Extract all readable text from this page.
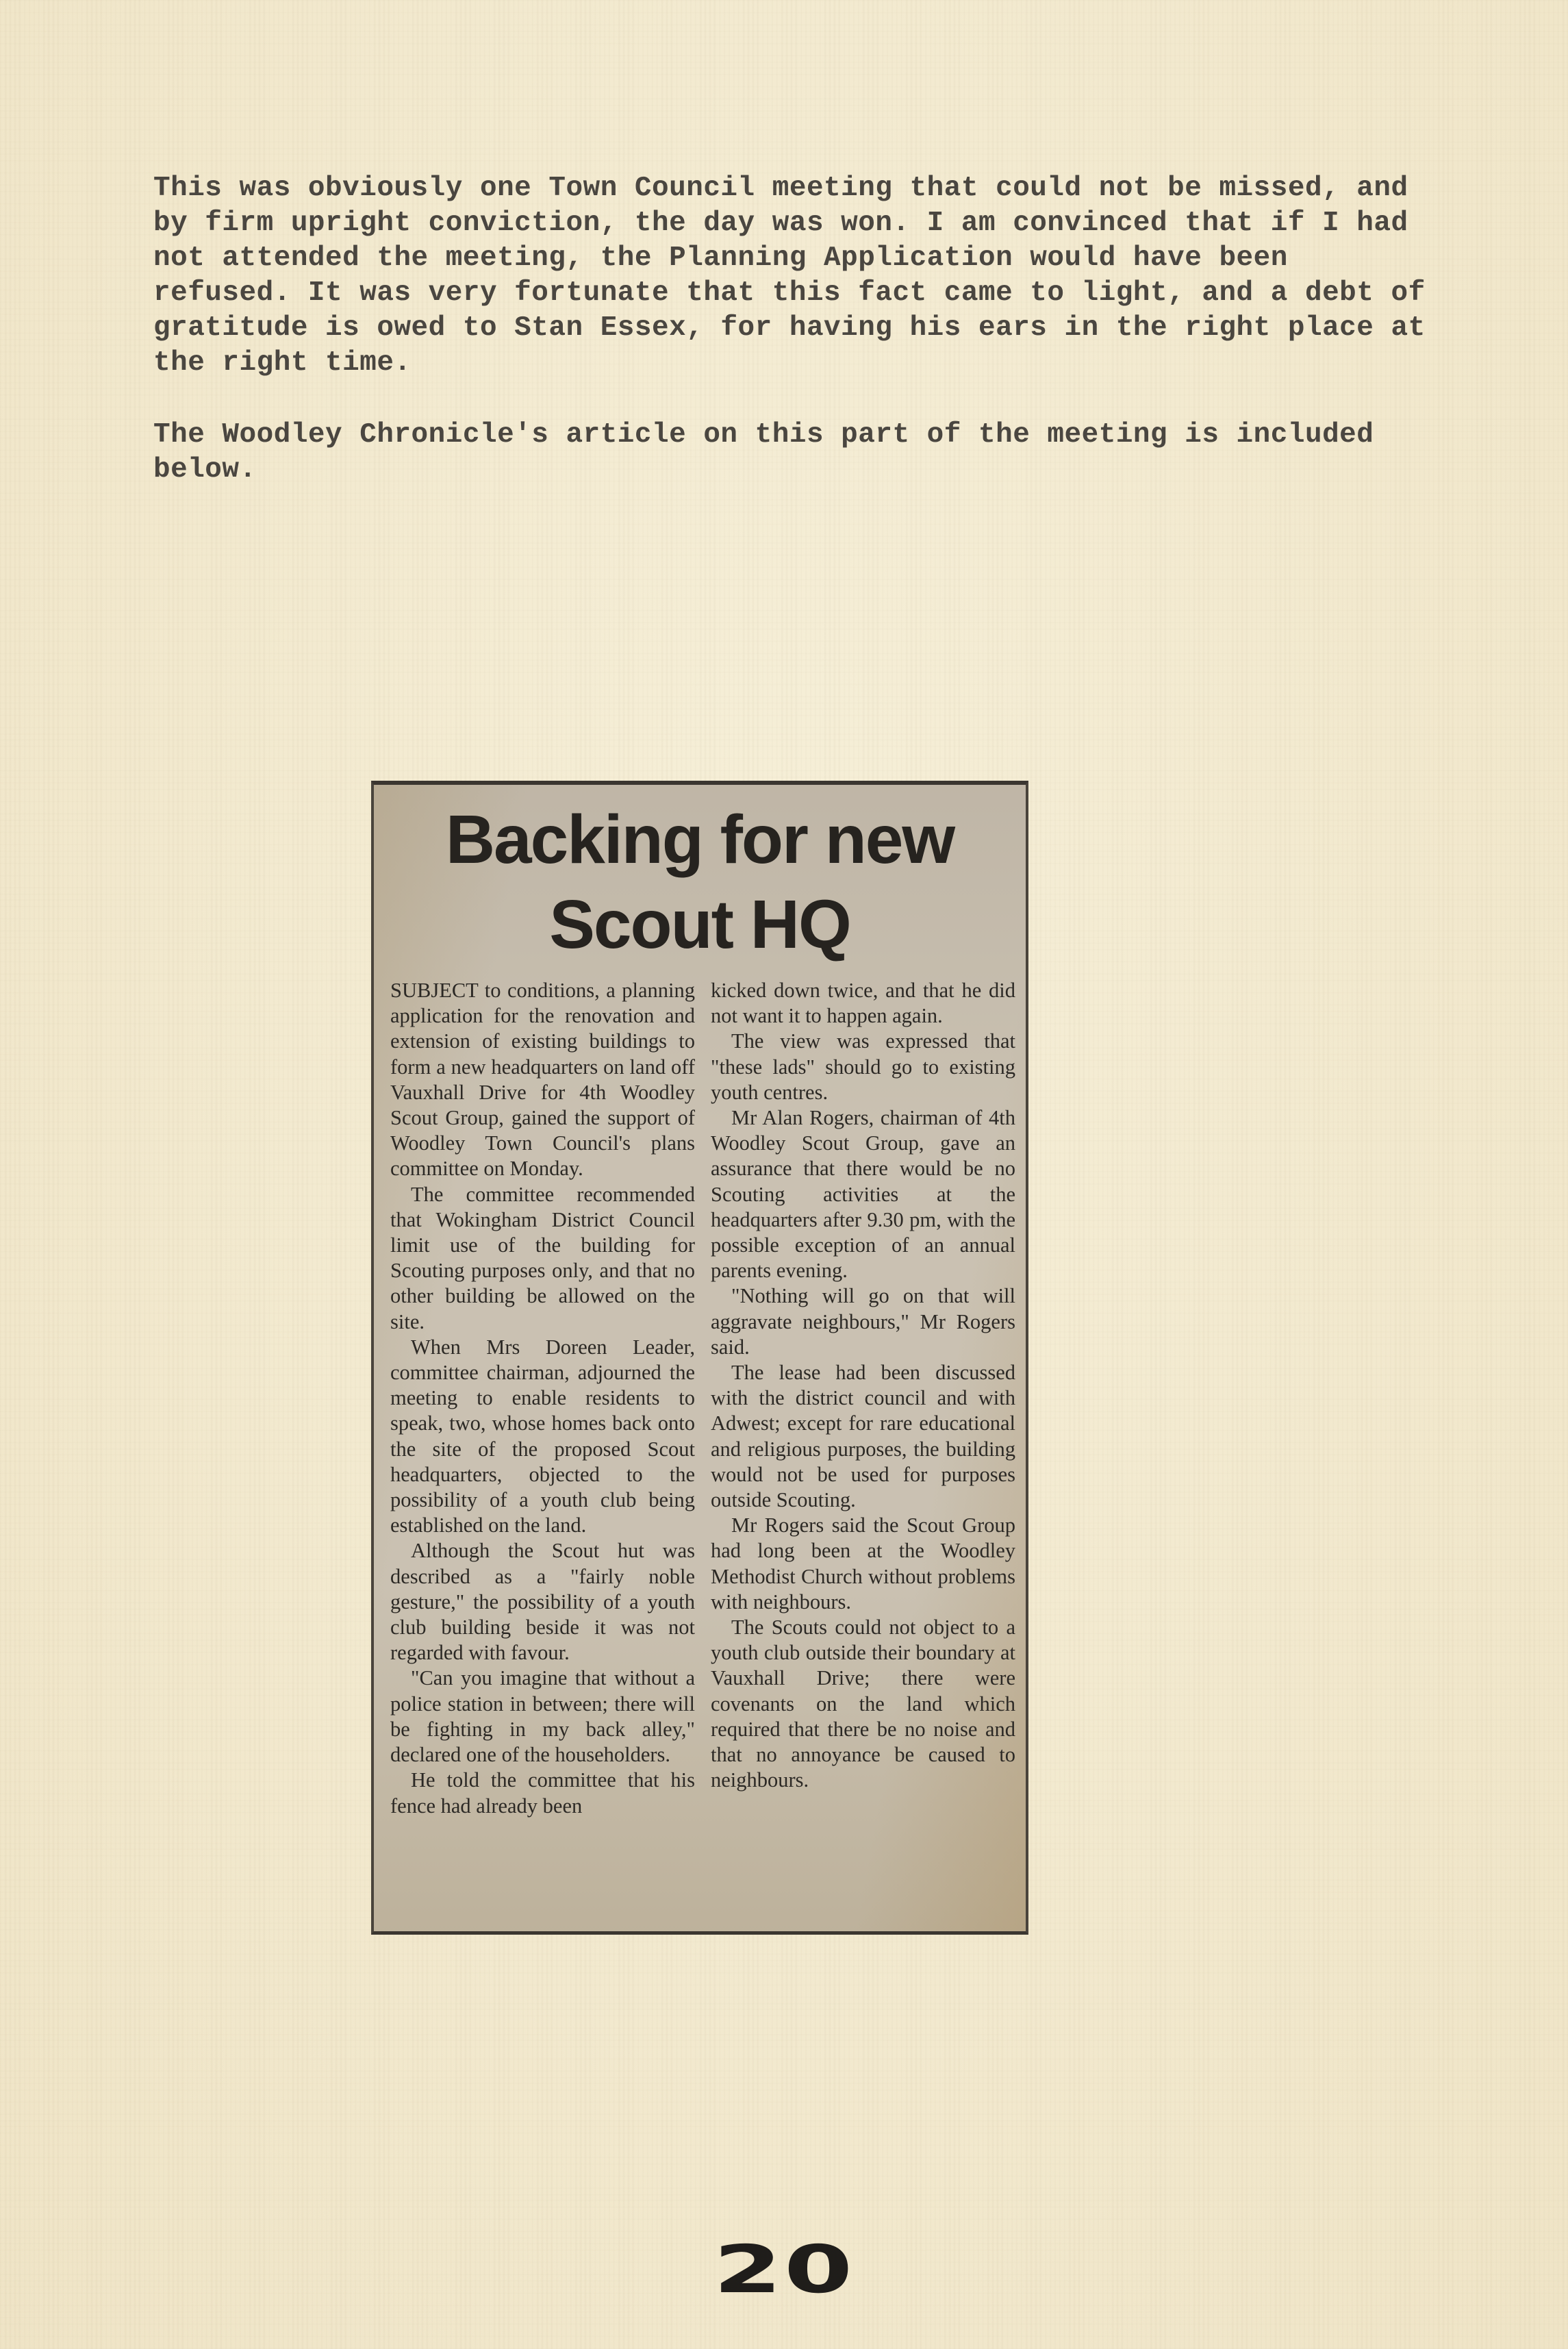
This was obviously one Town Council meeting that could not be missed, and by firm upright conviction, the day was won. I am convinced that if I had not attended the meeting, the Planning Application would have been refused. It was very fortunate that this fact came to light, and a debt of gratitude is owed to Stan Essex, for having his ears in the right place at the right time.

The Woodley Chronicle's article on this part of the meeting is included below.

Backing for new
Scout HQ

SUBJECT to conditions, a planning application for the renovation and extension of existing buildings to form a new headquarters on land off Vauxhall Drive for 4th Woodley Scout Group, gained the support of Woodley Town Council's plans committee on Monday.

The committee recommended that Wokingham District Council limit use of the building for Scouting purposes only, and that no other building be allowed on the site.

When Mrs Doreen Leader, committee chairman, adjourned the meeting to enable residents to speak, two, whose homes back onto the site of the proposed Scout headquarters, objected to the possibility of a youth club being established on the land.

Although the Scout hut was described as a "fairly noble gesture," the possibility of a youth club building beside it was not regarded with favour.

"Can you imagine that without a police station in between; there will be fighting in my back alley," declared one of the householders.

He told the committee that his fence had already been

kicked down twice, and that he did not want it to happen again.

The view was expressed that "these lads" should go to existing youth centres.

Mr Alan Rogers, chairman of 4th Woodley Scout Group, gave an assurance that there would be no Scouting activities at the headquarters after 9.30 pm, with the possible exception of an annual parents evening.

"Nothing will go on that will aggravate neighbours," Mr Rogers said.

The lease had been discussed with the district council and with Adwest; except for rare educational and religious purposes, the building would not be used for purposes outside Scouting.

Mr Rogers said the Scout Group had long been at the Woodley Methodist Church without problems with neighbours.

The Scouts could not object to a youth club outside their boundary at Vauxhall Drive; there were covenants on the land which required that there be no noise and that no annoyance be caused to neighbours.

20
